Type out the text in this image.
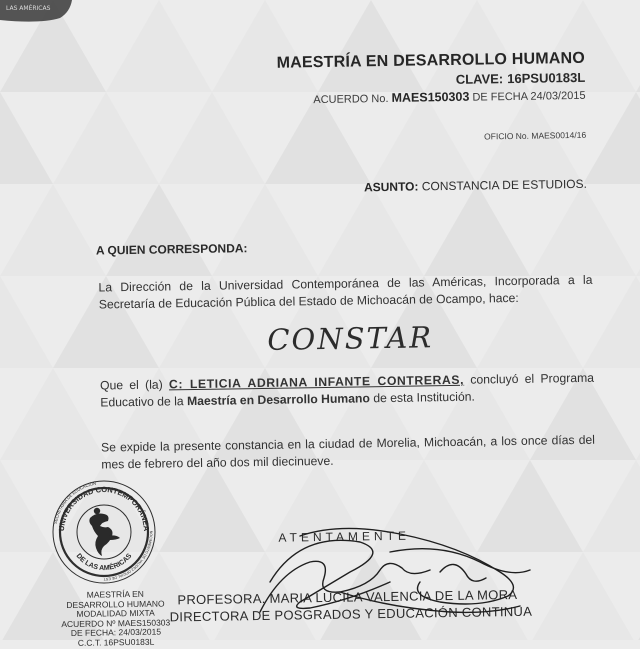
LAS AMÉRICAS
MAESTRÍA EN DESARROLLO HUMANO
CLAVE: 16PSU0183L
ACUERDO No. MAES150303 DE FECHA 24/03/2015
OFICIO No. MAES0014/16
ASUNTO: CONSTANCIA DE ESTUDIOS.
A QUIEN CORRESPONDA:
La Dirección de la Universidad Contemporánea de las Américas, Incorporada a la Secretaría de Educación Pública del Estado de Michoacán de Ocampo, hace:
CONSTAR
Que el (la) C: LETICIA ADRIANA INFANTE CONTRERAS, concluyó el Programa Educativo de la Maestría en Desarrollo Humano de esta Institución.
Se expide la presente constancia en la ciudad de Morelia, Michoacán, a los once días del mes de febrero del año dos mil diecinueve.
ATENTAMENTE
PROFESORA. MARIA LUCILA VALENCIA DE LA MORA
DIRECTORA DE POSGRADOS Y EDUCACIÓN CONTINUA
MAESTRÍA EN
DESARROLLO HUMANO
MODALIDAD MIXTA
ACUERDO Nº MAES150303
DE FECHA: 24/03/2015
C.C.T. 16PSU0183L
UNIVERSIDAD CONTEMPORÁNEA
DE LAS AMÉRICAS
SECRETARÍA DE EDUCACIÓN
NOCIMIENTO DE VALIDEZ OFICIAL DE EST
